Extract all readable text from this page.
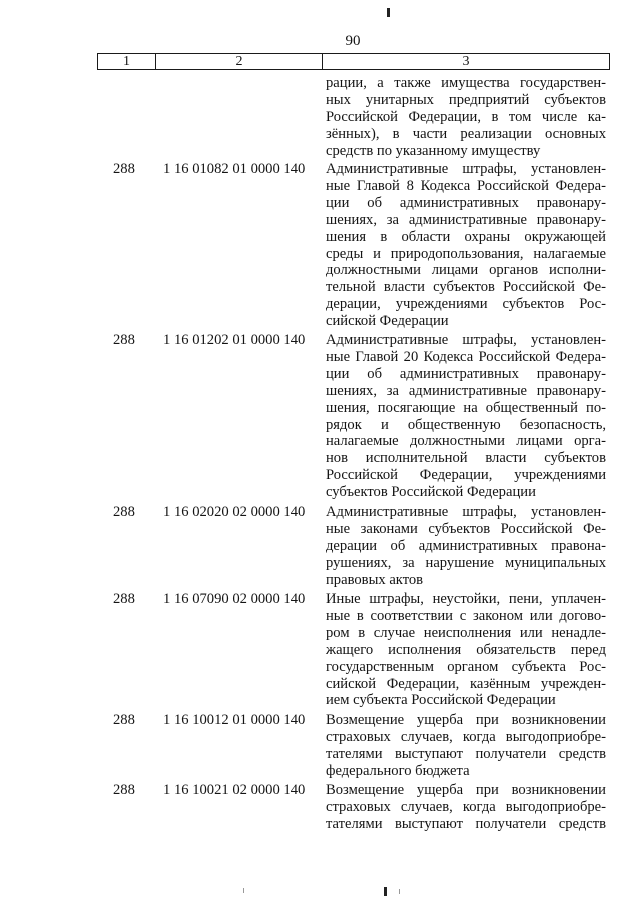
90
1	2	3
рации, а также имущества государствен-
ных унитарных предприятий субъектов
Российской Федерации, в том числе ка-
зённых), в части реализации основных
средств по указанному имуществу
288 1 16 01082 01 0000 140 Административные штрафы, установлен-
ные Главой 8 Кодекса Российской Федера-
ции об административных правонару-
шениях, за административные правонару-
шения в области охраны окружающей
среды и природопользования, налагаемые
должностными лицами органов исполни-
тельной власти субъектов Российской Фе-
дерации, учреждениями субъектов Рос-
сийской Федерации
288 1 16 01202 01 0000 140 Административные штрафы, установлен-
ные Главой 20 Кодекса Российской Федера-
ции об административных правонару-
шениях, за административные правонару-
шения, посягающие на общественный по-
рядок и общественную безопасность,
налагаемые должностными лицами орга-
нов исполнительной власти субъектов
Российской Федерации, учреждениями
субъектов Российской Федерации
288 1 16 02020 02 0000 140 Административные штрафы, установлен-
ные законами субъектов Российской Фе-
дерации об административных правона-
рушениях, за нарушение муниципальных
правовых актов
288 1 16 07090 02 0000 140 Иные штрафы, неустойки, пени, уплачен-
ные в соответствии с законом или догово-
ром в случае неисполнения или ненадле-
жащего исполнения обязательств перед
государственным органом субъекта Рос-
сийской Федерации, казённым учрежден-
ием субъекта Российской Федерации
288 1 16 10012 01 0000 140 Возмещение ущерба при возникновении
страховых случаев, когда выгодоприобре-
тателями выступают получатели средств
федерального бюджета
288 1 16 10021 02 0000 140 Возмещение ущерба при возникновении
страховых случаев, когда выгодоприобре-
тателями выступают получатели средств
